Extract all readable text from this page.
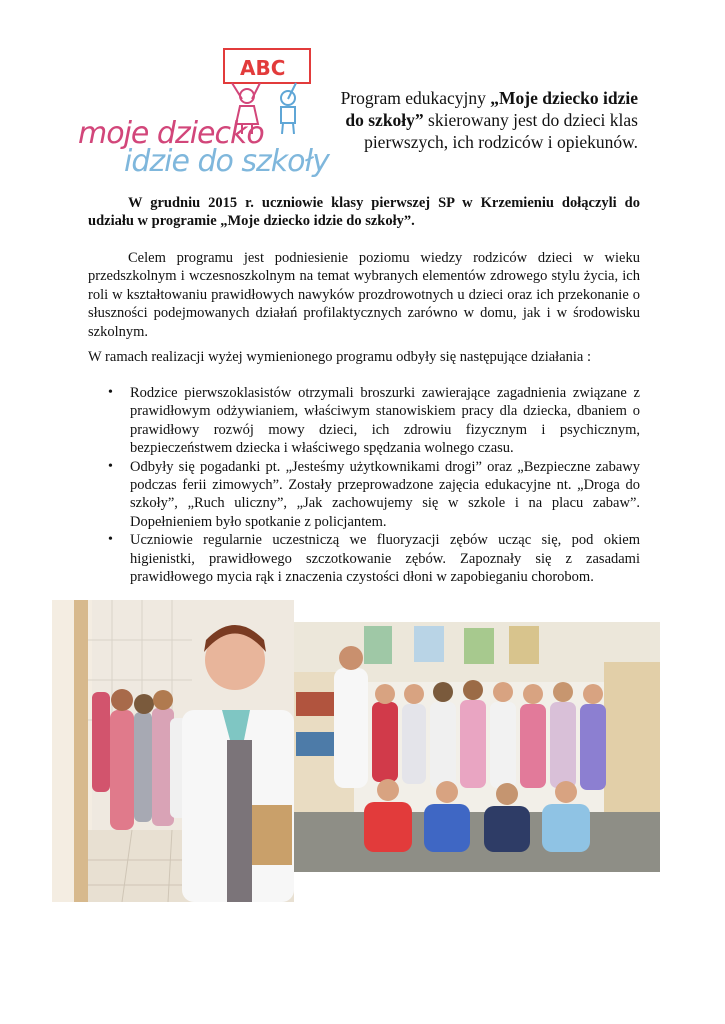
ABC
moje dziecko
idzie do szkoły
Program edukacyjny „Moje dziecko idzie do szkoły” skierowany jest do dzieci klas pierwszych, ich rodziców i opiekunów.

W grudniu 2015 r. uczniowie klasy pierwszej SP w Krzemieniu dołączyli do udziału w programie „Moje dziecko idzie do szkoły”.

Celem programu jest podniesienie poziomu wiedzy rodziców dzieci w wieku przedszkolnym i wczesnoszkolnym na temat wybranych elementów zdrowego stylu życia, ich roli w kształtowaniu prawidłowych nawyków prozdrowotnych u dzieci oraz ich przekonanie o słuszności podejmowanych działań profilaktycznych zarówno w domu, jak i w środowisku szkolnym.

W ramach realizacji wyżej wymienionego programu odbyły się następujące działania :

• Rodzice pierwszoklasistów otrzymali broszurki zawierające zagadnienia związane z prawidłowym odżywianiem, właściwym stanowiskiem pracy dla dziecka, dbaniem o prawidłowy rozwój mowy dzieci, ich zdrowiu fizycznym i psychicznym, bezpieczeństwem dziecka i właściwego spędzania wolnego czasu.
• Odbyły się pogadanki pt. „Jesteśmy użytkownikami drogi” oraz „Bezpieczne zabawy podczas ferii zimowych”. Zostały przeprowadzone zajęcia edukacyjne nt. „Droga do szkoły”, „Ruch uliczny”, „Jak zachowujemy się w szkole i na placu zabaw”. Dopełnieniem było spotkanie z policjantem.
• Uczniowie regularnie uczestniczą we fluoryzacji zębów ucząc się, pod okiem higienistki, prawidłowego szczotkowanie zębów. Zapoznały się z zasadami prawidłowego mycia rąk i znaczenia czystości dłoni w zapobieganiu chorobom.
